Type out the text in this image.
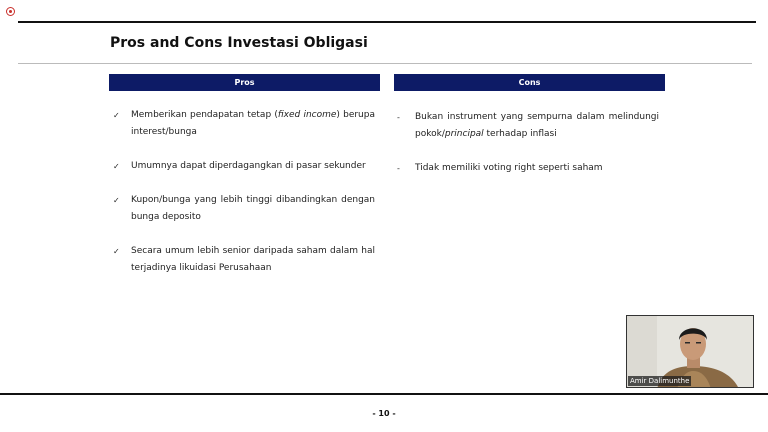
Pros and Cons Investasi Obligasi
Pros	Cons
✓ Memberikan pendapatan tetap (fixed income) berupa interest/bunga
✓ Umumnya dapat diperdagangkan di pasar sekunder
✓ Kupon/bunga yang lebih tinggi dibandingkan dengan bunga deposito
✓ Secara umum lebih senior daripada saham dalam hal terjadinya likuidasi Perusahaan
- Bukan instrument yang sempurna dalam melindungi pokok/principal terhadap inflasi
- Tidak memiliki voting right seperti saham
Amir Dalimunthe
- 10 -
